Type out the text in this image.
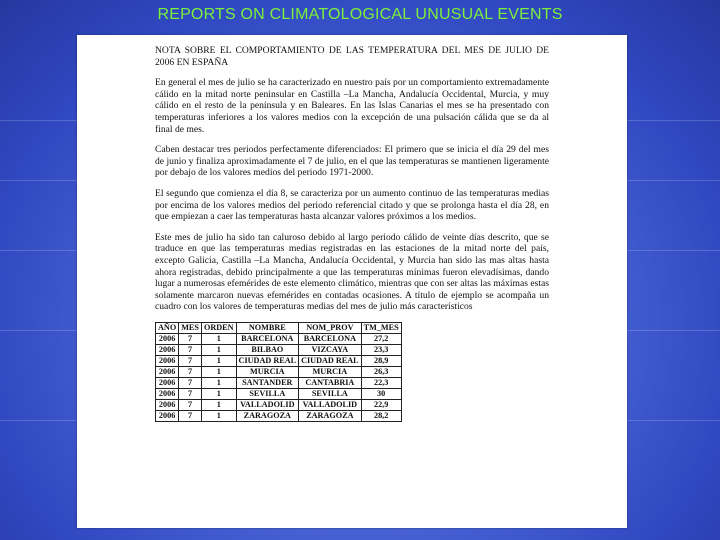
REPORTS ON CLIMATOLOGICAL UNUSUAL EVENTS

NOTA SOBRE EL COMPORTAMIENTO DE LAS TEMPERATURA DEL MES DE JULIO DE 2006 EN ESPAÑA

En general el mes de julio se ha caracterizado en nuestro país por un comportamiento extremadamente cálido en la mitad norte peninsular en Castilla –La Mancha, Andalucía Occidental, Murcia, y muy cálido en el resto de la península y en Baleares. En las Islas Canarias el mes se ha presentado con temperaturas inferiores a los valores medios con la excepción de una pulsación cálida que se da al final de mes.

Caben destacar tres periodos perfectamente diferenciados: El primero que se inicia el día 29 del mes de junio y finaliza aproximadamente el 7 de julio, en el que las temperaturas se mantienen ligeramente por debajo de los valores medios del periodo 1971-2000.

El segundo que comienza el día 8, se caracteriza por un aumento continuo de las temperaturas medias por encima de los valores medios del periodo referencial citado y que se prolonga hasta el día 28, en que empiezan a caer las temperaturas hasta alcanzar valores próximos a los medios.

Este mes de julio ha sido tan caluroso debido al largo periodo cálido de veinte días descrito, que se traduce en que las temperaturas medias registradas en las estaciones de la mitad norte del país, excepto Galicia, Castilla –La Mancha, Andalucía Occidental, y Murcia han sido las mas altas hasta ahora registradas, debido principalmente a que las temperaturas mínimas fueron elevadísimas, dando lugar a numerosas efemérides de este elemento climático, mientras que con ser altas las máximas estas solamente marcaron nuevas efemérides en contadas ocasiones. A título de ejemplo se acompaña un cuadro con los valores de temperaturas medias del mes de julio más característicos

AÑO	MES	ORDEN	NOMBRE	NOM_PROV	TM_MES
2006	7	1	BARCELONA	BARCELONA	27,2
2006	7	1	BILBAO	VIZCAYA	23,3
2006	7	1	CIUDAD REAL	CIUDAD REAL	28,9
2006	7	1	MURCIA	MURCIA	26,3
2006	7	1	SANTANDER	CANTABRIA	22,3
2006	7	1	SEVILLA	SEVILLA	30
2006	7	1	VALLADOLID	VALLADOLID	22,9
2006	7	1	ZARAGOZA	ZARAGOZA	28,2
